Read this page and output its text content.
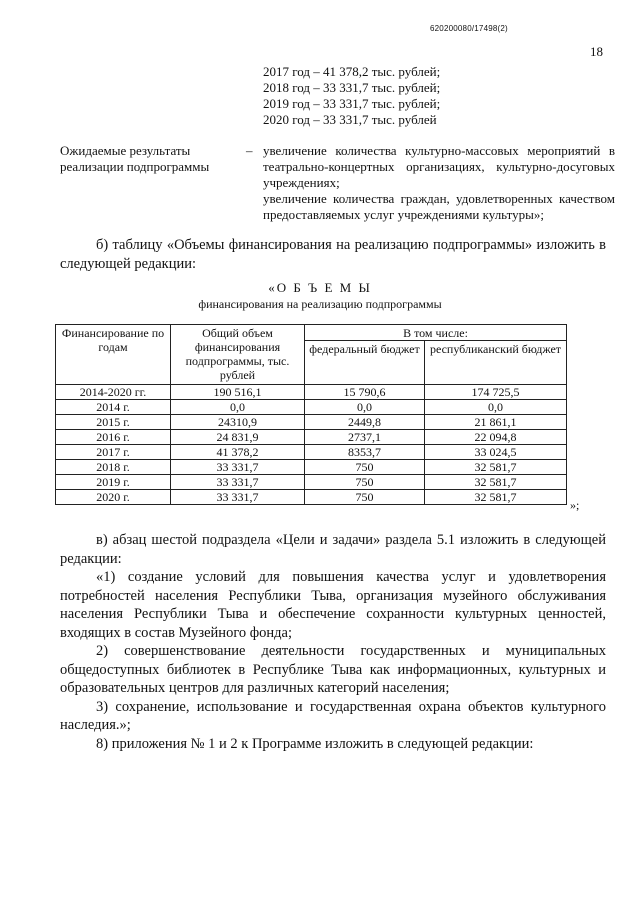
620200080/17498(2)
18
2017 год – 41 378,2 тыс. рублей;
2018 год – 33 331,7 тыс. рублей;
2019 год – 33 331,7 тыс. рублей;
2020 год – 33 331,7 тыс. рублей
Ожидаемые результаты реализации подпрограммы
– увеличение количества культурно-массовых мероприятий в театрально-концертных организациях, культурно-досуговых учреждениях;

увеличение количества граждан, удовлетворенных качеством предоставляемых услуг учреждениями культуры»;

б) таблицу «Объемы финансирования на реализацию подпрограммы» изложить в следующей редакции:

«О Б Ъ Е М Ы
финансирования на реализацию подпрограммы
Финансирование по годам	Общий объем финансирования подпрограммы, тыс. рублей	В том числе:	
		федеральный бюджет	республиканский бюджет
2014-2020 гг.	190 516,1	15 790,6	174 725,5
2014 г.	0,0	0,0	0,0
2015 г.	24310,9	2449,8	21 861,1
2016 г.	24 831,9	2737,1	22 094,8
2017 г.	41 378,2	8353,7	33 024,5
2018 г.	33 331,7	750	32 581,7
2019 г.	33 331,7	750	32 581,7
2020 г.	33 331,7	750	32 581,7
»;

в) абзац шестой подраздела «Цели и задачи» раздела 5.1 изложить в следующей редакции:

«1) создание условий для повышения качества услуг и удовлетворения потребностей населения Республики Тыва, организация музейного обслуживания населения Республики Тыва и обеспечение сохранности культурных ценностей, входящих в состав Музейного фонда;

2) совершенствование деятельности государственных и муниципальных общедоступных библиотек в Республике Тыва как информационных, культурных и образовательных центров для различных категорий населения;

3) сохранение, использование и государственная охрана объектов культурного наследия.»;

8) приложения № 1 и 2 к Программе изложить в следующей редакции:
